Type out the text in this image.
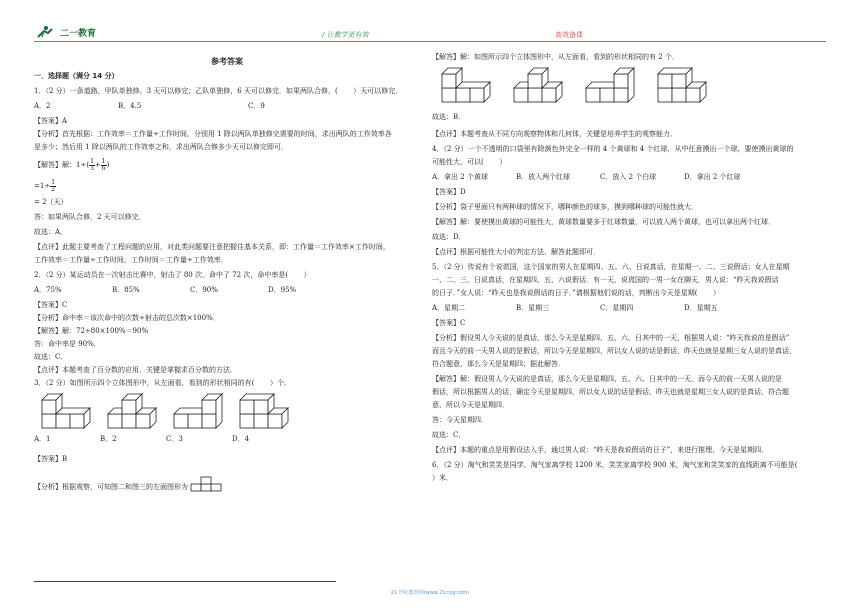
二一教育	/ 让教学更有效	高效备课

参考答案

一．选择题（满分 14 分）

1．（2 分）一条道路，甲队单独修，3 天可以修完；乙队单独修，6 天可以修完．如果两队合修，(       ）天可以修完．

A．2	B．4.5	C．9

【答案】A

【分析】首先根据：工作效率＝工作量÷工作时间，分别用 1 除以两队单独修完需要的时间，求出两队的工作效率各

是多少；然后用 1 除以两队的工作效率之和，求出两队合修多少天可以修完即可．

【解答】解：$1\div( \frac{1}{3} + \frac{1}{6}$ )

$=1\div \frac{1}{2}$

= 2（天）

答：如果两队合修，2 天可以修完．

故选：A．

【点评】此题主要考查了工程问题的应用，对此类问题要注意把握住基本关系，即：工作量＝工作效率×工作时间，

工作效率＝工作量÷工作时间，工作时间＝工作量÷工作效率．

2．（2 分）某运动员在一次射击比赛中，射击了 80 次，命中了 72 次，命中率是(       ）

A．75%	B．85%	C．90%	D．95%

【答案】C

【分析】命中率＝该次命中的次数÷射击的总次数×100%．

【解答】解：72÷80×100%＝90%

答：命中率是 90%．

故选：C．

【点评】本题考查了百分数的应用，关键是掌握求百分数的方法．

3．（2 分）如图所示四个立体图形中，从左面看，看到的形状相同的有(       ）个．

A．1	B．2	C．3	D．4

【答案】B

【分析】根据观察，可知图二和图三的左面图形为

【解答】解：如图所示四个立体图形中，从左面看，看到的形状相同的有 2 个．

故选：B．

【点评】本题考查从不同方向观察物体和几何体，关键是培养学生的观察能力．

4．（2 分）一个不透明的口袋里有除颜色外完全一样的 4 个黄球和 4 个红球，从中任意摸出一个球，要使摸出黄球的

可能性大，可以(       ）

A．拿出 2 个黄球	B．放入两个红球	C．放入 2 个白球	D．拿出 2 个红球

【答案】D

【分析】袋子里面只有两种球的情况下，哪种颜色的球多，摸到哪种球的可能性就大．

【解答】解：要使摸出黄球的可能性大，黄球数量要多于红球数量，可以放入两个黄球，也可以拿出两个红球．

故选：D．

【点评】根据可能性大小的判定方法，解答此题即可．

5．（2 分）传说有个说谎国，这个国家的男人在星期四、五、六、日说真话，在星期一、二、三说假话；女人在星期

一、二、三、日说真话，在星期四、五、六说假话．有一天，说谎国的一男一女在聊天．男人说：“昨天我说假话

的日子．”女人说：“昨天也是我说假话的日子．”请根据他们说的话，判断出今天是星期(       ）

A．星期二	B．星期三	C．星期四	D．星期五

【答案】C

【分析】假设男人今天说的是真话，那么今天是星期四、五、六、日其中的一天，根据男人说：“昨天我说的是假话”

而且今天的前一天男人说的是假话，所以今天是星期四，所以女人说的话是假话，昨天也就是星期三女人说的是真话，

符合题意，那么今天是星期四；据此解答．

【解答】解：假设男人今天说的是真话，那么今天是星期四、五、六、日其中的一天，而今天的前一天男人说的是

假话，所以根据男人的话，确定今天是星期四，所以女人说的话是假话，昨天也就是星期三女人说的是真话，符合题

意，所以今天是星期四．

答：今天星期四．

故选：C．

【点评】本题的重点是用假设法入手，通过男人说：“昨天是我说假话的日子”，来进行推理，今天是星期四．

6．（2 分）淘气和笑笑是同学，淘气家离学校 1200 米，笑笑家离学校 900 米，淘气家和笑笑家的直线距离不可能是(

）米．

21 世纪教育网(www.21cnjy.com)
